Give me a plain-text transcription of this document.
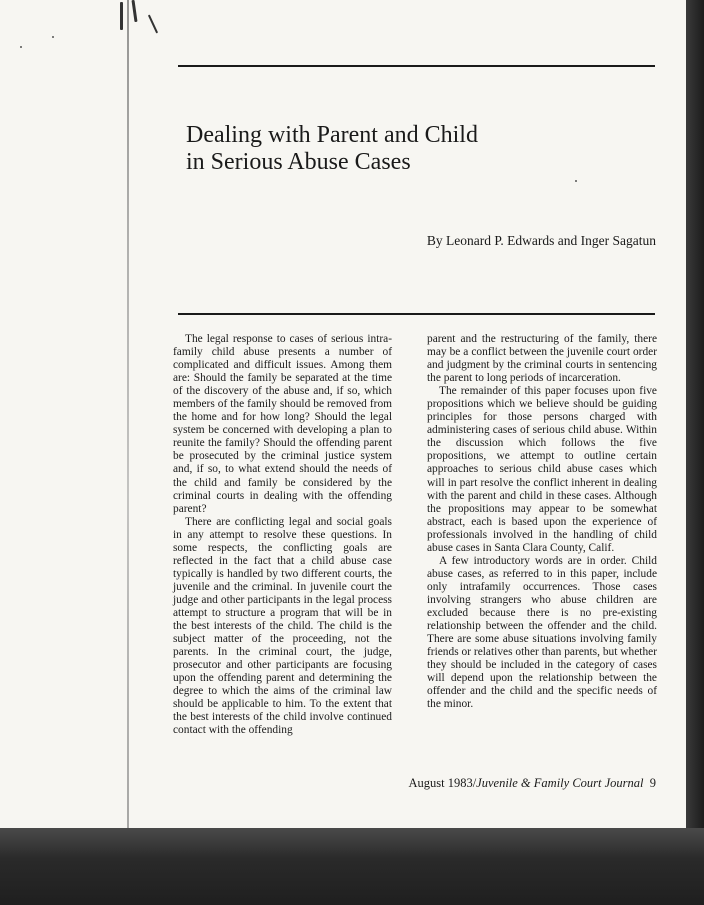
Dealing with Parent and Child
in Serious Abuse Cases
By Leonard P. Edwards and Inger Sagatun

The legal response to cases of serious intra-family child abuse presents a number of complicated and difficult issues. Among them are: Should the family be separated at the time of the discovery of the abuse and, if so, which members of the family should be removed from the home and for how long? Should the legal system be concerned with developing a plan to reunite the family? Should the offending parent be prosecuted by the criminal justice system and, if so, to what extend should the needs of the child and family be considered by the criminal courts in dealing with the offending parent?

There are conflicting legal and social goals in any attempt to resolve these questions. In some respects, the conflicting goals are reflected in the fact that a child abuse case typically is handled by two different courts, the juvenile and the criminal. In juvenile court the judge and other participants in the legal process attempt to structure a program that will be in the best interests of the child. The child is the subject matter of the proceeding, not the parents. In the criminal court, the judge, prosecutor and other participants are focusing upon the offending parent and determining the degree to which the aims of the criminal law should be applicable to him. To the extent that the best interests of the child involve continued contact with the offending

parent and the restructuring of the family, there may be a conflict between the juvenile court order and judgment by the criminal courts in sentencing the parent to long periods of incarceration.

The remainder of this paper focuses upon five propositions which we believe should be guiding principles for those persons charged with administering cases of serious child abuse. Within the discussion which follows the five propositions, we attempt to outline certain approaches to serious child abuse cases which will in part resolve the conflict inherent in dealing with the parent and child in these cases. Although the propositions may appear to be somewhat abstract, each is based upon the experience of professionals involved in the handling of child abuse cases in Santa Clara County, Calif.

A few introductory words are in order. Child abuse cases, as referred to in this paper, include only intrafamily occurrences. Those cases involving strangers who abuse children are excluded because there is no pre-existing relationship between the offender and the child. There are some abuse situations involving family friends or relatives other than parents, but whether they should be included in the category of cases will depend upon the relationship between the offender and the child and the specific needs of the minor.

August 1983/Juvenile & Family Court Journal 9
